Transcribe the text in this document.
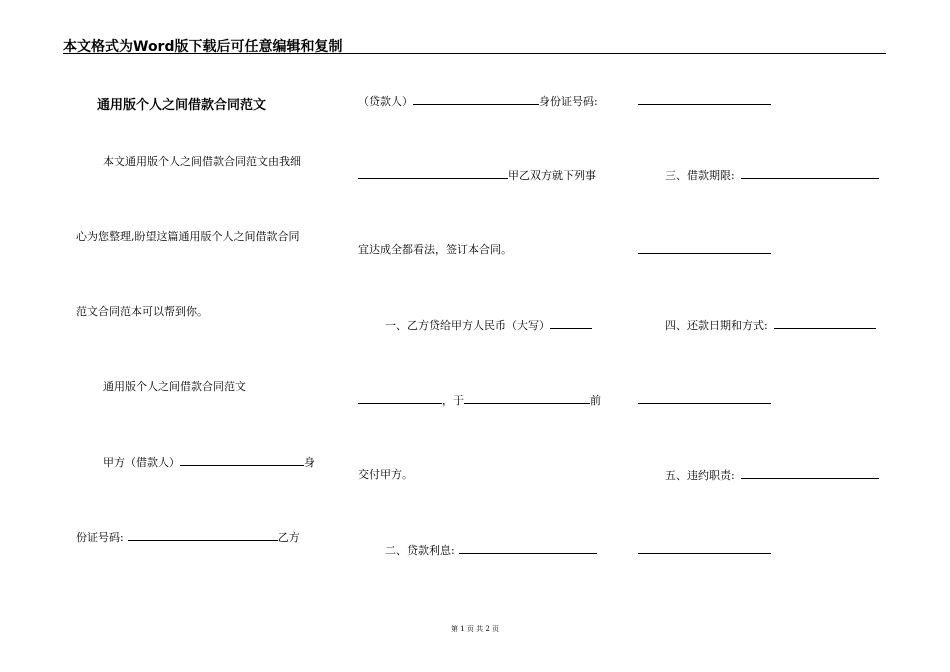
本文格式为Word版下载后可任意编辑和复制
通用版个人之间借款合同范文
本文通用版个人之间借款合同范文由我细
心为您整理,盼望这篇通用版个人之间借款合同
范文合同范本可以帮到你。
通用版个人之间借款合同范文
甲方（借款人）	身
份证号码:	乙方
（贷款人）	身份证号码:
甲乙双方就下列事
宜达成全都看法，签订本合同。
一、乙方贷给甲方人民币（大写）
，于	前
交付甲方。
二、贷款利息:
三、借款期限:
四、还款日期和方式:
五、违约职责:
第 1 页 共 2 页
